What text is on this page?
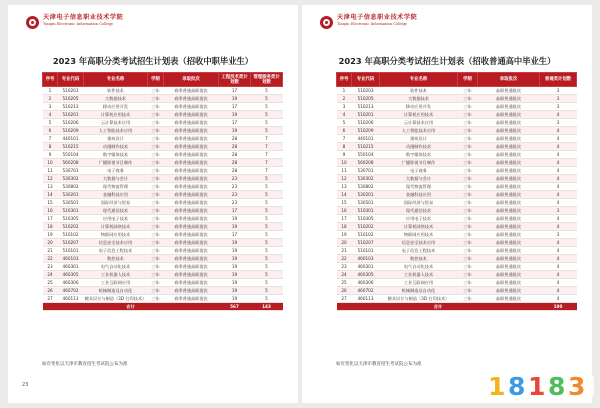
天津电子信息职业技术学院
Tianjin Electronic Information College
2023 年高职分类考试招生计划表（招收中职毕业生）
序号	专业代码	专业名称	学制	录取批次	工程技术类计划数	管理服务类计划数
1	510203	软件技术	三年	春季普通高职批次	17	5
2	510205	大数据技术	三年	春季普通高职批次	19	5
3	510213	移动应用开发	三年	春季普通高职批次	17	5
4	510201	计算机应用技术	三年	春季普通高职批次	19	5
5	510206	云计算技术应用	三年	春季普通高职批次	17	5
6	510209	人工智能技术应用	三年	春季普通高职批次	19	5
7	440101	建筑设计	三年	春季普通高职批次	28	7
8	510215	动漫制作技术	三年	春季普通高职批次	28	7
9	550104	数字媒体技术	三年	春季普通高职批次	28	7
10	560208	广播影视节目制作	三年	春季普通高职批次	28	7
11	530701	电子商务	三年	春季普通高职批次	28	7
12	530302	大数据与会计	三年	春季普通高职批次	23	5
13	530802	现代物流管理	三年	春季普通高职批次	23	5
14	530201	金融科技应用	三年	春季普通高职批次	23	5
15	530501	国际经济与贸易	三年	春季普通高职批次	23	5
16	510301	现代通信技术	三年	春季普通高职批次	17	5
17	510305	应用电子技术	三年	春季普通高职批次	19	5
18	510202	计算机网络技术	三年	春季普通高职批次	19	5
19	510102	物联网应用技术	三年	春季普通高职批次	17	5
20	510207	信息安全技术应用	三年	春季普通高职批次	19	5
21	510101	电子信息工程技术	三年	春季普通高职批次	19	5
22	460103	数控技术	三年	春季普通高职批次	19	5
23	460301	电气自动化技术	三年	春季普通高职批次	19	5
24	460305	工业机器人技术	三年	春季普通高职批次	19	5
25	460306	工业互联网应用	三年	春季普通高职批次	19	5
26	460702	机械制造及自动化	三年	春季普通高职批次	19	5
27	460113	模具设计与制造（3D 打印技术）	三年	春季普通高职批次	19	5
合计					567	143
如有变化以天津市教育招生考试院公布为准
23
天津电子信息职业技术学院
Tianjin Electronic Information College
2023 年高职分类考试招生计划表（招收普通高中毕业生）
序号	专业代码	专业名称	学制	录取批次	普通类计划数
1	510203	软件技术	三年	高职普通批次	3
2	510205	大数据技术	三年	高职普通批次	3
3	510213	移动应用开发	三年	高职普通批次	3
4	510201	计算机应用技术	三年	高职普通批次	4
5	510206	云计算技术应用	三年	高职普通批次	3
6	510209	人工智能技术应用	三年	高职普通批次	4
7	440101	建筑设计	三年	高职普通批次	4
8	510215	动漫制作技术	三年	高职普通批次	4
9	550104	数字媒体技术	三年	高职普通批次	4
10	560208	广播影视节目制作	三年	高职普通批次	4
11	530701	电子商务	三年	高职普通批次	4
12	530302	大数据与会计	三年	高职普通批次	4
13	530802	现代物流管理	三年	高职普通批次	4
14	530201	金融科技应用	三年	高职普通批次	4
15	530501	国际经济与贸易	三年	高职普通批次	4
16	510301	现代通信技术	三年	高职普通批次	3
17	510305	应用电子技术	三年	高职普通批次	4
18	510202	计算机网络技术	三年	高职普通批次	4
19	510102	物联网应用技术	三年	高职普通批次	3
20	510207	信息安全技术应用	三年	高职普通批次	4
21	510101	电子信息工程技术	三年	高职普通批次	4
22	460103	数控技术	三年	高职普通批次	4
23	460301	电气自动化技术	三年	高职普通批次	4
24	460305	工业机器人技术	三年	高职普通批次	4
25	460306	工业互联网应用	三年	高职普通批次	4
26	460702	机械制造及自动化	三年	高职普通批次	4
27	460113	模具设计与制造（3D 打印技术）	三年	高职普通批次	4
合计					100
如有变化以天津市教育招生考试院公布为准
1 8 1 8 3
